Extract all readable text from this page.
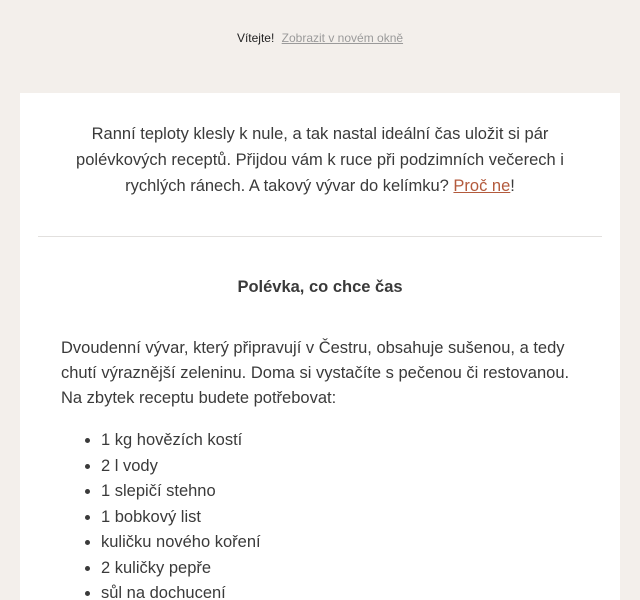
Vítejte! Zobrazit v novém okně

Ranní teploty klesly k nule, a tak nastal ideální čas uložit si pár polévkových receptů. Přijdou vám k ruce při podzimních večerech i rychlých ránech. A takový vývar do kelímku? Proč ne!

Polévka, co chce čas

Dvoudenní vývar, který připravují v Čestru, obsahuje sušenou, a tedy chutí výraznější zeleninu. Doma si vystačíte s pečenou či restovanou. Na zbytek receptu budete potřebovat:

• 1 kg hovězích kostí
• 2 l vody
• 1 slepičí stehno
• 1 bobkový list
• kuličku nového koření
• 2 kuličky pepře
• sůl na dochucení
